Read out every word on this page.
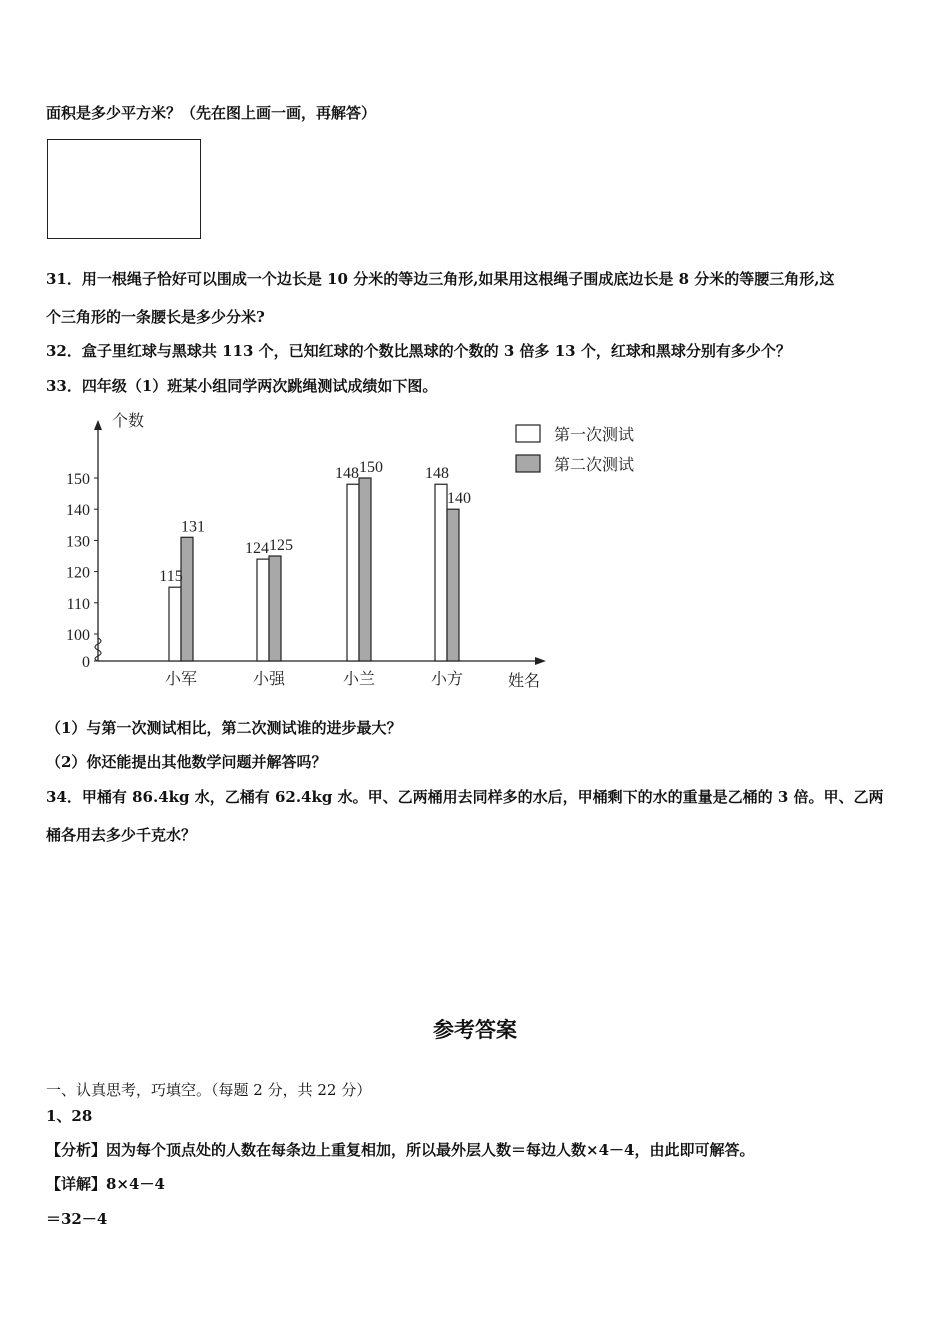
面积是多少平方米？（先在图上画一画，再解答）
31．用一根绳子恰好可以围成一个边长是 10 分米的等边三角形,如果用这根绳子围成底边长是 8 分米的等腰三角形,这
个三角形的一条腰长是多少分米?
32．盒子里红球与黑球共 113 个，已知红球的个数比黑球的个数的 3 倍多 13 个，红球和黑球分别有多少个？
33．四年级（1）班某小组同学两次跳绳测试成绩如下图。
个数
姓名
0
100
110
120
130
140
150
115
131
小军
124 125
小强
148 150
小兰
148
140
小方
第一次测试
第二次测试
（1）与第一次测试相比，第二次测试谁的进步最大？
（2）你还能提出其他数学问题并解答吗？
34．甲桶有 86.4kg 水，乙桶有 62.4kg 水。甲、乙两桶用去同样多的水后，甲桶剩下的水的重量是乙桶的 3 倍。甲、乙两
桶各用去多少千克水？
参考答案
一、认真思考，巧填空。（每题 2 分，共 22 分）
1、28
【分析】因为每个顶点处的人数在每条边上重复相加，所以最外层人数＝每边人数×4－4，由此即可解答。
【详解】8×4－4
＝32－4
